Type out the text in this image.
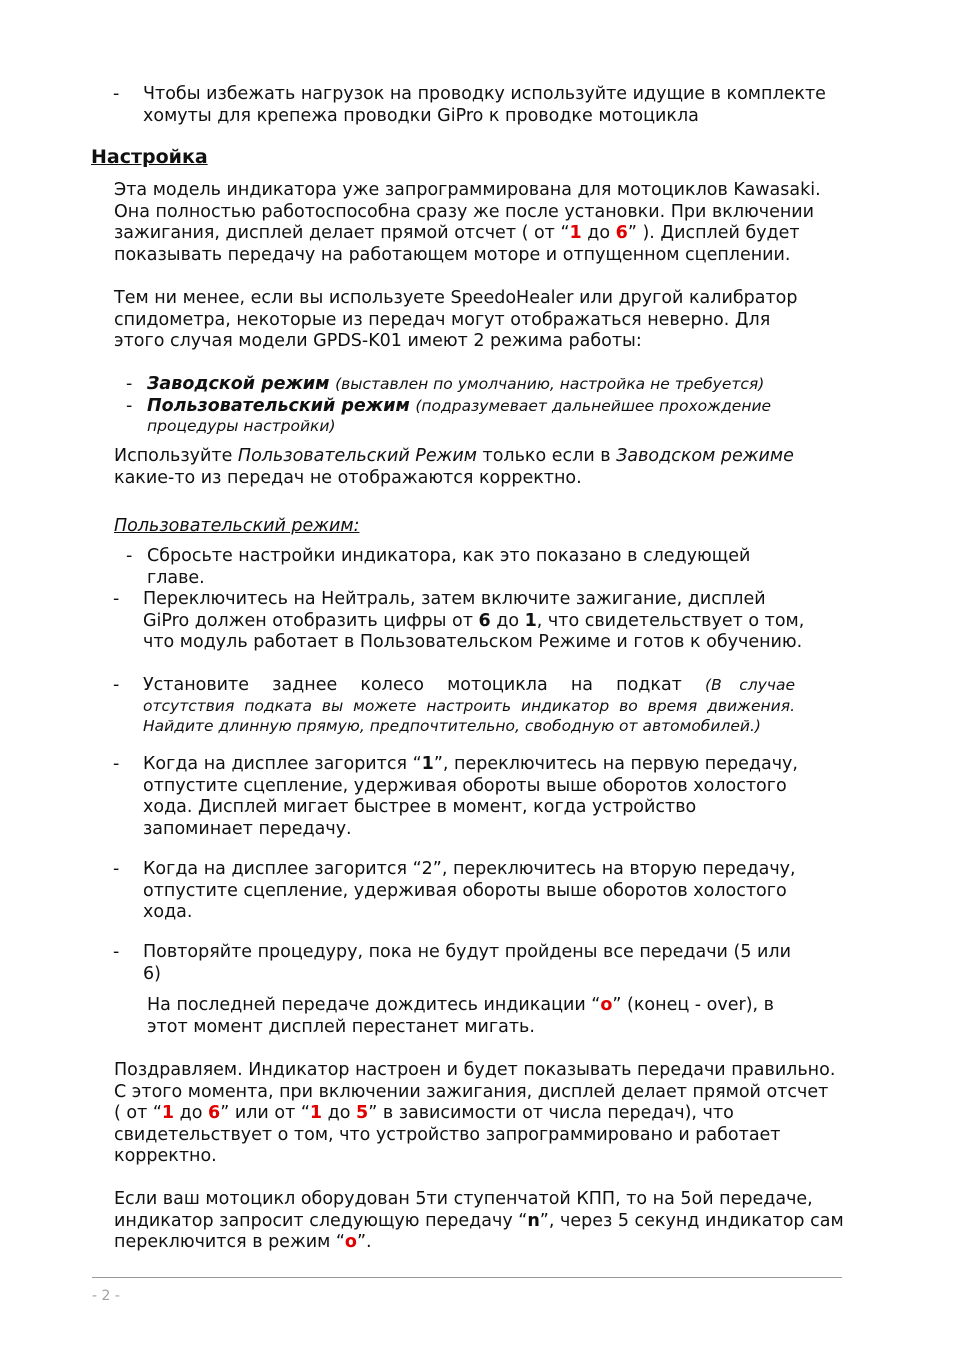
- Чтобы избежать нагрузок на проводку используйте идущие в комплекте хомуты для крепежа проводки GiPro к проводке мотоцикла
Настройка
Эта модель индикатора уже запрограммирована для мотоциклов Kawasaki. Она полностью работоспособна сразу же после установки. При включении зажигания, дисплей делает прямой отсчет ( от “1 до 6” ). Дисплей будет показывать передачу на работающем моторе и отпущенном сцеплении.
Тем ни менее, если вы используете SpeedoHealer или другой калибратор спидометра, некоторые из передач могут отображаться неверно. Для этого случая модели GPDS-K01 имеют 2 режима работы:
- Заводской режим (выставлен по умолчанию, настройка не требуется)
- Пользовательский режим (подразумевает дальнейшее прохождение процедуры настройки)
Используйте Пользовательский Режим только если в Заводском режиме какие-то из передач не отображаются корректно.
Пользовательский режим:
- Сбросьте настройки индикатора, как это показано в следующей главе.
- Переключитесь на Нейтраль, затем включите зажигание, дисплей GiPro должен отобразить цифры от 6 до 1, что свидетельствует о том, что модуль работает в Пользовательском Режиме и готов к обучению.
- Установите заднее колесо мотоцикла на подкат (В случае отсутствия подката вы можете настроить индикатор во время движения. Найдите длинную прямую, предпочтительно, свободную от автомобилей.)
- Когда на дисплее загорится “1”, переключитесь на первую передачу, отпустите сцепление, удерживая обороты выше оборотов холостого хода. Дисплей мигает быстрее в момент, когда устройство запоминает передачу.
- Когда на дисплее загорится “2”, переключитесь на вторую передачу, отпустите сцепление, удерживая обороты выше оборотов холостого хода.
- Повторяйте процедуру, пока не будут пройдены все передачи (5 или 6)
На последней передаче дождитесь индикации “o” (конец - over), в этот момент дисплей перестанет мигать.
Поздравляем. Индикатор настроен и будет показывать передачи правильно. С этого момента, при включении зажигания, дисплей делает прямой отсчет ( от “1 до 6” или от “1 до 5” в зависимости от числа передач), что свидетельствует о том, что устройство запрограммировано и работает корректно.
Если ваш мотоцикл оборудован 5ти ступенчатой КПП, то на 5ой передаче, индикатор запросит следующую передачу “n”, через 5 секунд индикатор сам переключится в режим “o”.
- 2 -
